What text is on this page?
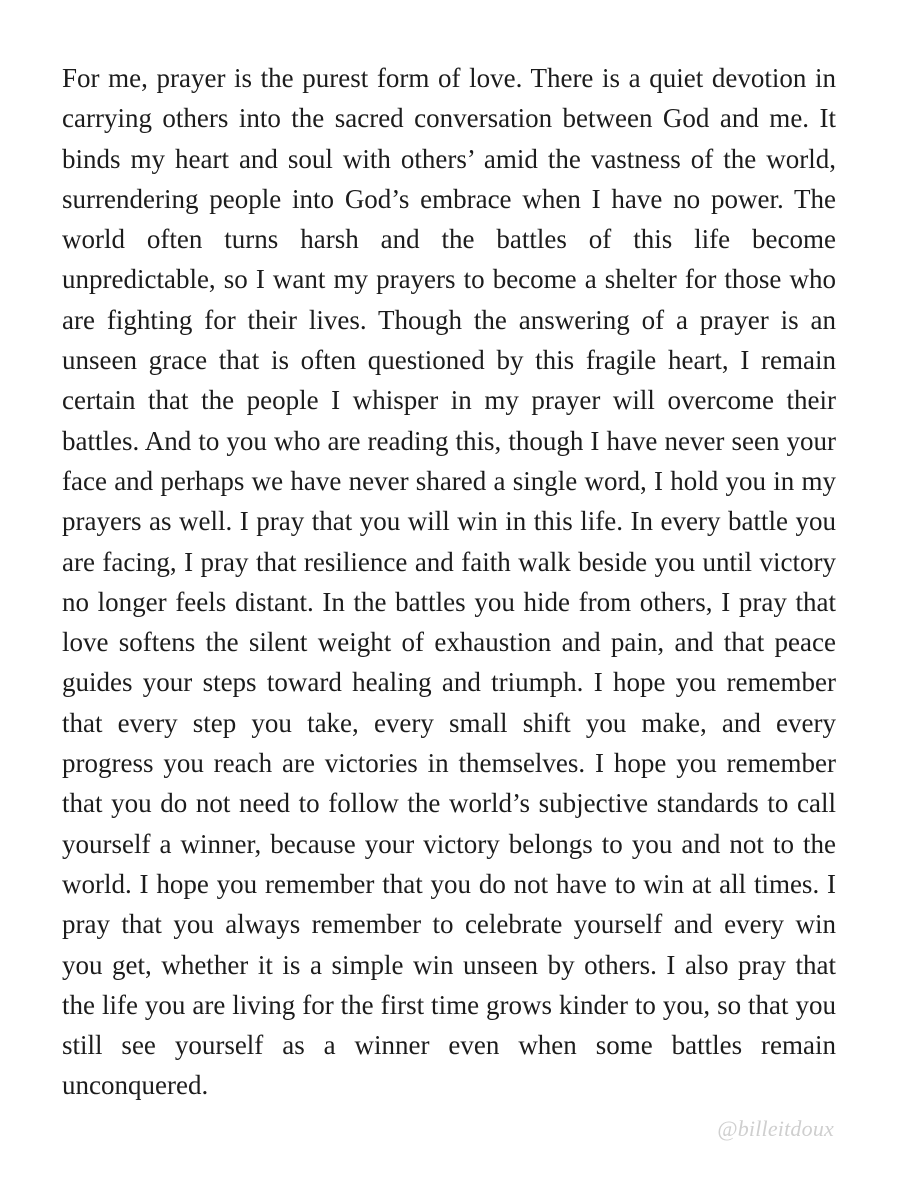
For me, prayer is the purest form of love. There is a quiet devotion in carrying others into the sacred conversation between God and me. It binds my heart and soul with others’ amid the vastness of the world, surrendering people into God’s embrace when I have no power. The world often turns harsh and the battles of this life become unpredictable, so I want my prayers to become a shelter for those who are fighting for their lives. Though the answering of a prayer is an unseen grace that is often questioned by this fragile heart, I remain certain that the people I whisper in my prayer will overcome their battles. And to you who are reading this, though I have never seen your face and perhaps we have never shared a single word, I hold you in my prayers as well. I pray that you will win in this life. In every battle you are facing, I pray that resilience and faith walk beside you until victory no longer feels distant. In the battles you hide from others, I pray that love softens the silent weight of exhaustion and pain, and that peace guides your steps toward healing and triumph. I hope you remember that every step you take, every small shift you make, and every progress you reach are victories in themselves. I hope you remember that you do not need to follow the world’s subjective standards to call yourself a winner, because your victory belongs to you and not to the world. I hope you remember that you do not have to win at all times. I pray that you always remember to celebrate yourself and every win you get, whether it is a simple win unseen by others. I also pray that the life you are living for the first time grows kinder to you, so that you still see yourself as a winner even when some battles remain unconquered.

@billeitdoux
